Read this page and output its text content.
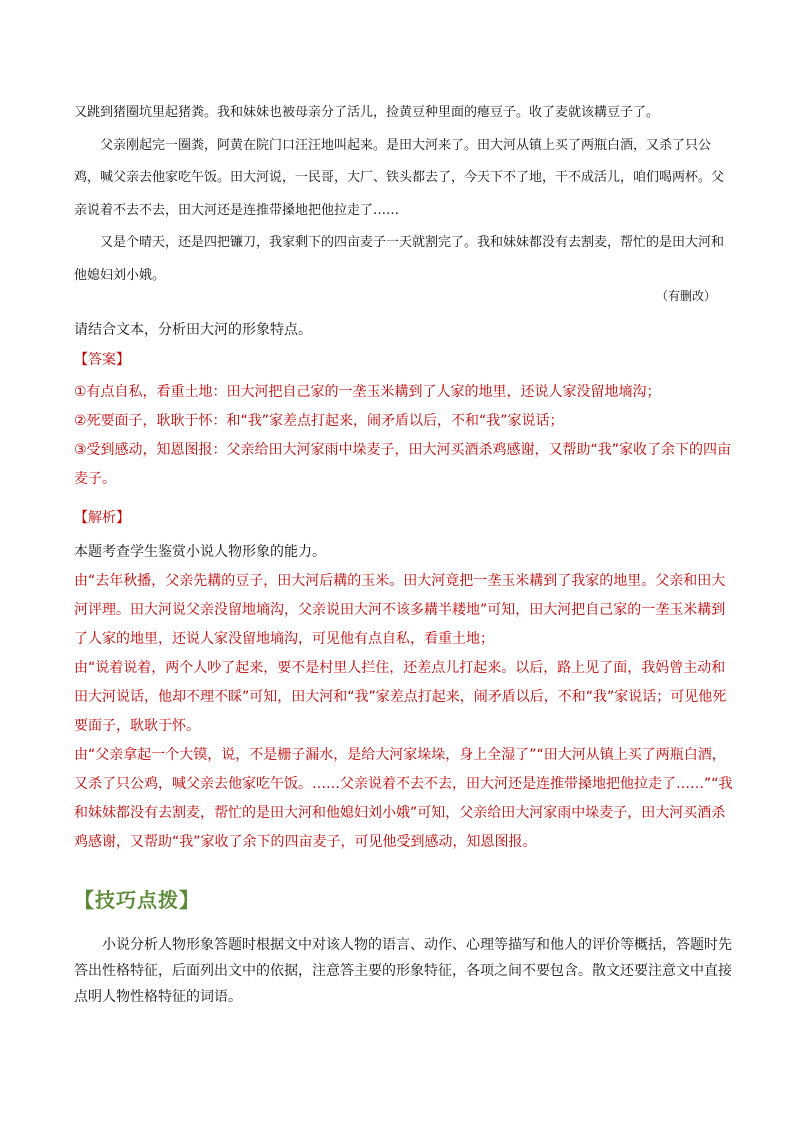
又跳到猪圈坑里起猪粪。我和妹妹也被母亲分了活儿，捡黄豆种里面的瘪豆子。收了麦就该耩豆子了。

父亲刚起完一圈粪，阿黄在院门口汪汪地叫起来。是田大河来了。田大河从镇上买了两瓶白酒，又杀了只公鸡，喊父亲去他家吃午饭。田大河说，一民哥，大厂、铁头都去了，今天下不了地，干不成活儿，咱们喝两杯。父亲说着不去不去，田大河还是连推带搡地把他拉走了……

又是个晴天，还是四把镰刀，我家剩下的四亩麦子一天就割完了。我和妹妹都没有去割麦，帮忙的是田大河和他媳妇刘小娥。

（有删改）
请结合文本，分析田大河的形象特点。
【答案】

①有点自私，看重土地：田大河把自己家的一垄玉米耩到了人家的地里，还说人家没留地墒沟；

②死要面子，耿耿于怀：和“我”家差点打起来，闹矛盾以后，不和“我”家说话；

③受到感动，知恩图报：父亲给田大河家雨中垛麦子，田大河买酒杀鸡感谢，又帮助“我”家收了余下的四亩麦子。

【解析】

本题考查学生鉴赏小说人物形象的能力。

由“去年秋播，父亲先耩的豆子，田大河后耩的玉米。田大河竟把一垄玉米耩到了我家的地里。父亲和田大河评理。田大河说父亲没留地墒沟，父亲说田大河不该多耩半耧地”可知，田大河把自己家的一垄玉米耩到了人家的地里，还说人家没留地墒沟，可见他有点自私，看重土地；

由“说着说着，两个人吵了起来，要不是村里人拦住，还差点儿打起来。以后，路上见了面，我妈曾主动和田大河说话，他却不理不睬”可知，田大河和“我”家差点打起来，闹矛盾以后，不和“我”家说话；可见他死要面子，耿耿于怀。

由“父亲拿起一个大镆，说，不是栅子漏水，是给大河家垛垛，身上全湿了”“田大河从镇上买了两瓶白酒，又杀了只公鸡，喊父亲去他家吃午饭。……父亲说着不去不去，田大河还是连推带搡地把他拉走了……”“我和妹妹都没有去割麦，帮忙的是田大河和他媳妇刘小娥”可知，父亲给田大河家雨中垛麦子，田大河买酒杀鸡感谢，又帮助“我”家收了余下的四亩麦子，可见他受到感动，知恩图报。

【技巧点拨】
小说分析人物形象答题时根据文中对该人物的语言、动作、心理等描写和他人的评价等概括，答题时先答出性格特征，后面列出文中的依据，注意答主要的形象特征，各项之间不要包含。散文还要注意文中直接点明人物性格特征的词语。
